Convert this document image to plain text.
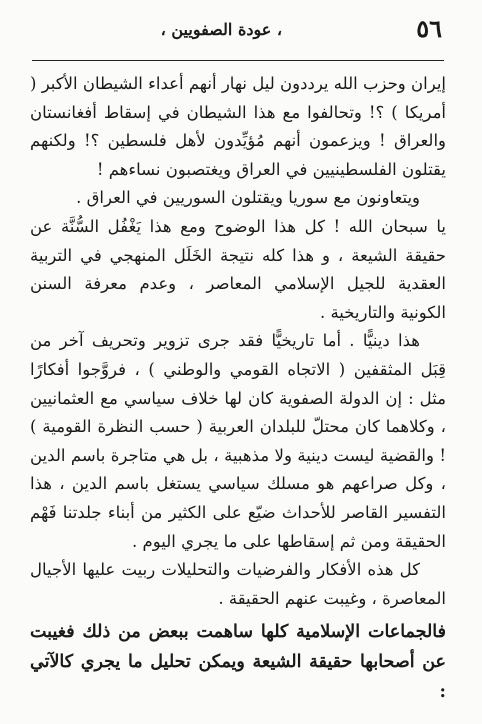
٥٦
، عودة الصفويين ،

إيران وحزب الله يرددون ليل نهار أنهم أعداء الشيطان الأكبر ( أمريكا ) ؟! وتحالفوا مع هذا الشيطان في إسقاط أفغانستان والعراق ! ويزعمون أنهم مُؤيِّدون لأهل فلسطين ؟! ولكنهم يقتلون الفلسطينيين في العراق ويغتصبون نساءهم !

ويتعاونون مع سوريا ويقتلون السوريين في العراق .

يا سبحان الله ! كل هذا الوضوح ومع هذا يَغْفُل السُّنَّة عن حقيقة الشيعة ، و هذا كله نتيجة الخَلَل المنهجي في التربية العقدية للجيل الإسلامي المعاصر ، وعدم معرفة السنن الكونية والتاريخية .

هذا دينيًّا . أما تاريخيًّا فقد جرى تزوير وتحريف آخر من قِبَل المثقفين ( الاتجاه القومي والوطني ) ، فروَّجوا أفكارًا مثل : إن الدولة الصفوية كان لها خلاف سياسي مع العثمانيين ، وكلاهما كان محتلّ للبلدان العربية ( حسب النظرة القومية ) ! والقضية ليست دينية ولا مذهبية ، بل هي متاجرة باسم الدين ، وكل صراعهم هو مسلك سياسي يستغل باسم الدين ، هذا التفسير القاصر للأحداث ضيّع على الكثير من أبناء جلدتنا فَهْم الحقيقة ومن ثم إسقاطها على ما يجري اليوم .

كل هذه الأفكار والفرضيات والتحليلات ربيت عليها الأجيال المعاصرة ، وغيبت عنهم الحقيقة .

فالجماعات الإسلامية كلها ساهمت ببعض من ذلك فغيبت عن أصحابها حقيقة الشيعة ويمكن تحليل ما يجري كالآتي :
